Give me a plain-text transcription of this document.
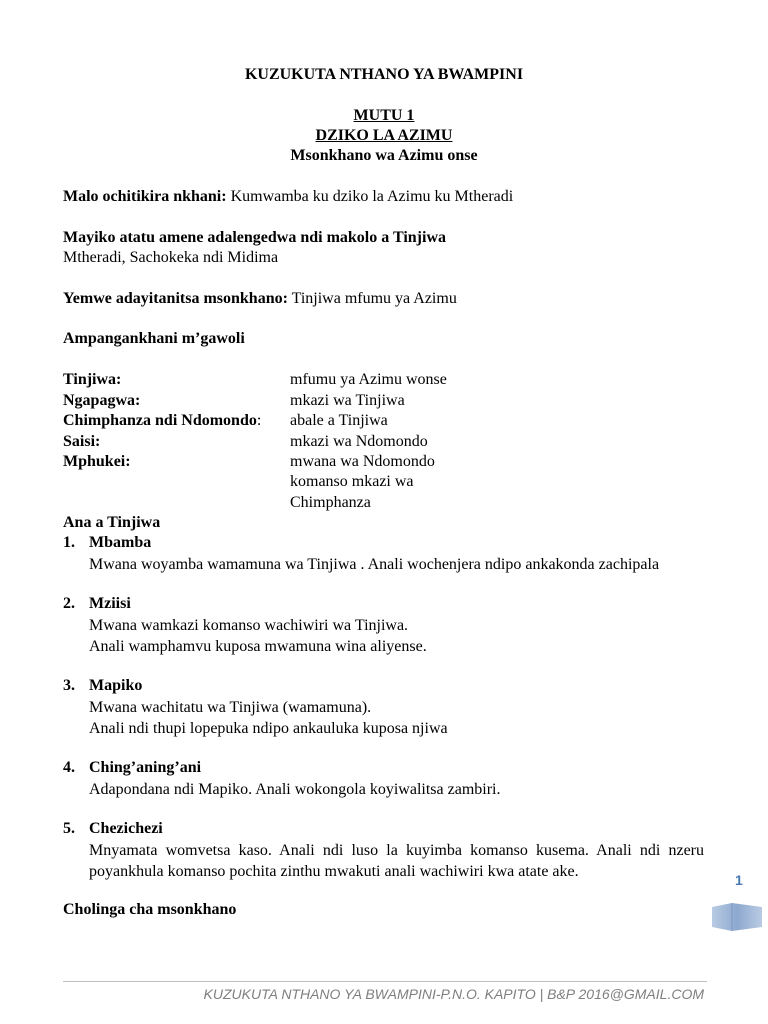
KUZUKUTA NTHANO YA BWAMPINI
MUTU 1
DZIKO LA AZIMU
Msonkhano wa Azimu onse
Malo ochitikira nkhani: Kumwamba ku dziko la Azimu ku Mtheradi
Mayiko atatu amene adalengedwa ndi makolo a Tinjiwa
Mtheradi, Sachokeka ndi Midima
Yemwe adayitanitsa msonkhano: Tinjiwa mfumu ya Azimu
Ampangankhani m’gawoli
Tinjiwa:	mfumu ya Azimu wonse
Ngapagwa:	mkazi wa Tinjiwa
Chimphanza ndi Ndomondo: abale a Tinjiwa
Saisi:	mkazi wa Ndomondo
Mphukei:	mwana wa Ndomondo
komanso mkazi wa
Chimphanza
Ana a Tinjiwa
1. Mbamba
Mwana woyamba wamamuna wa Tinjiwa . Anali wochenjera ndipo ankakonda zachipala
2. Mziisi
Mwana wamkazi komanso wachiwiri wa Tinjiwa.
Anali wamphamvu kuposa mwamuna wina aliyense.
3. Mapiko
Mwana wachitatu wa Tinjiwa (wamamuna).
Anali ndi thupi lopepuka ndipo ankauluka kuposa njiwa
4. Ching’aning’ani
Adapondana ndi Mapiko. Anali wokongola koyiwalitsa zambiri.
5. Chezichezi
Mnyamata womvetsa kaso. Anali ndi luso la kuyimba komanso kusema. Anali ndi nzeru poyankhula komanso pochita zinthu mwakuti anali wachiwiri kwa atate ake.
Cholinga cha msonkhano
1
KUZUKUTA NTHANO YA BWAMPINI-P.N.O. KAPITO | B&P 2016@GMAIL.COM
